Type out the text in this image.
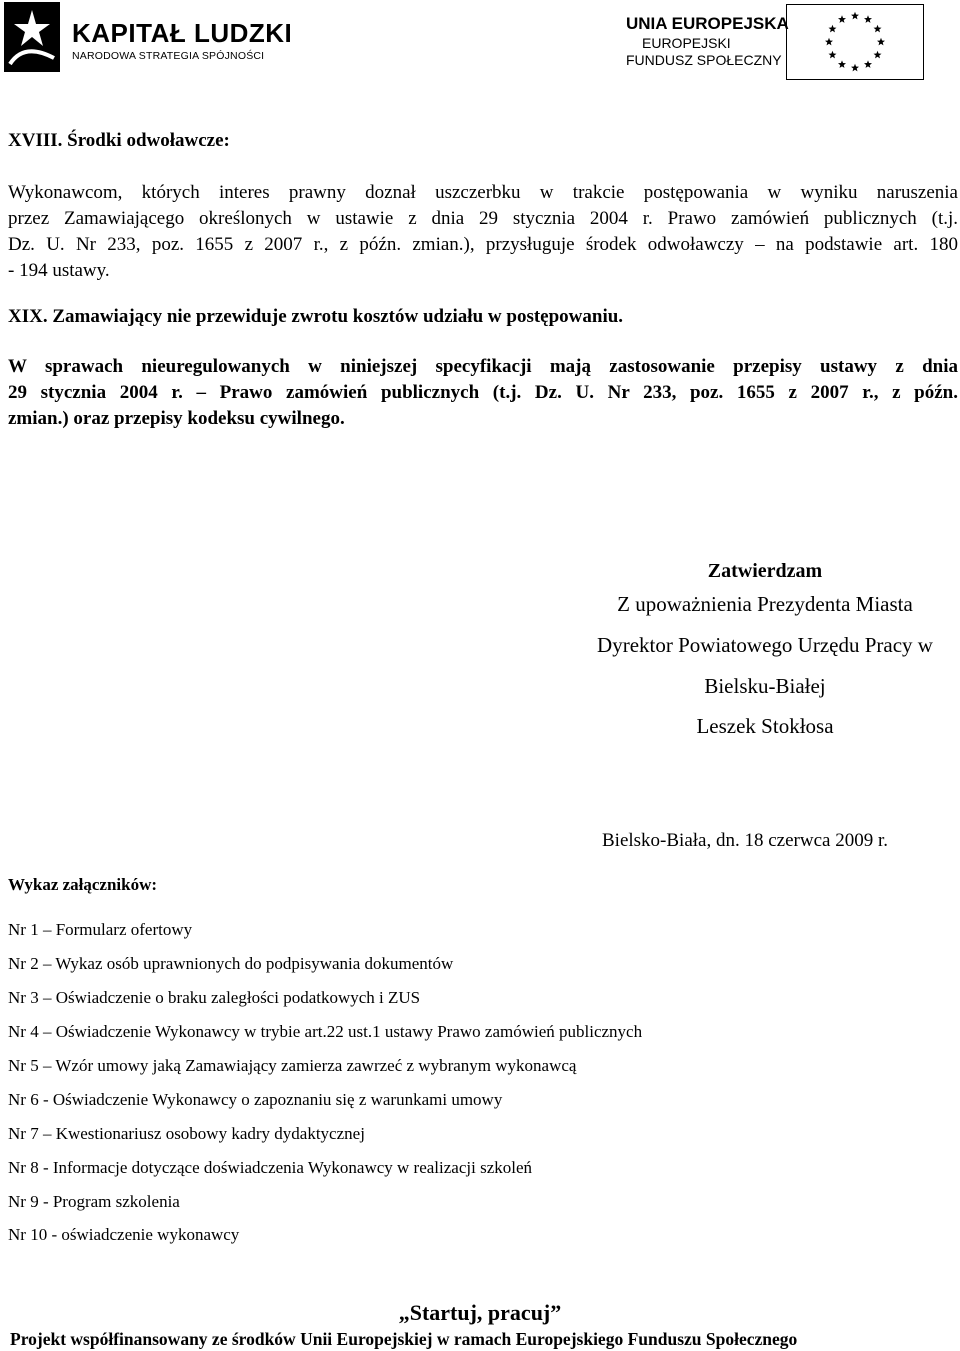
KAPITAŁ LUDZKI
NARODOWA STRATEGIA SPÓJNOŚCI
UNIA EUROPEJSKA
EUROPEJSKI
FUNDUSZ SPOŁECZNY
XVIII. Środki odwoławcze:
Wykonawcom, których interes prawny doznał uszczerbku w trakcie postępowania w wyniku naruszenia
przez Zamawiającego określonych w ustawie z dnia 29 stycznia 2004 r. Prawo zamówień publicznych (t.j.
Dz. U. Nr 233, poz. 1655 z 2007 r., z późn. zmian.), przysługuje środek odwoławczy – na podstawie art. 180
- 194 ustawy.
XIX. Zamawiający nie przewiduje zwrotu kosztów udziału w postępowaniu.
W sprawach nieuregulowanych w niniejszej specyfikacji mają zastosowanie przepisy ustawy z dnia
29 stycznia 2004 r. – Prawo zamówień publicznych (t.j. Dz. U. Nr 233, poz. 1655 z 2007 r., z późn.
zmian.) oraz przepisy kodeksu cywilnego.
Zatwierdzam
Z upoważnienia Prezydenta Miasta
Dyrektor Powiatowego Urzędu Pracy w
Bielsku-Białej
Leszek Stokłosa
Bielsko-Biała, dn. 18 czerwca 2009 r.
Wykaz załączników:
Nr 1 – Formularz ofertowy
Nr 2 – Wykaz osób uprawnionych do podpisywania dokumentów
Nr 3 – Oświadczenie o braku zaległości podatkowych i ZUS
Nr 4 – Oświadczenie Wykonawcy w trybie art.22 ust.1 ustawy Prawo zamówień publicznych
Nr 5 – Wzór umowy jaką Zamawiający zamierza zawrzeć z wybranym wykonawcą
Nr 6 - Oświadczenie Wykonawcy o zapoznaniu się z warunkami umowy
Nr 7 – Kwestionariusz osobowy kadry dydaktycznej
Nr 8 - Informacje dotyczące doświadczenia Wykonawcy w realizacji szkoleń
Nr 9 - Program szkolenia
Nr 10 - oświadczenie wykonawcy
„Startuj, pracuj”
Projekt współfinansowany ze środków Unii Europejskiej w ramach Europejskiego Funduszu Społecznego
